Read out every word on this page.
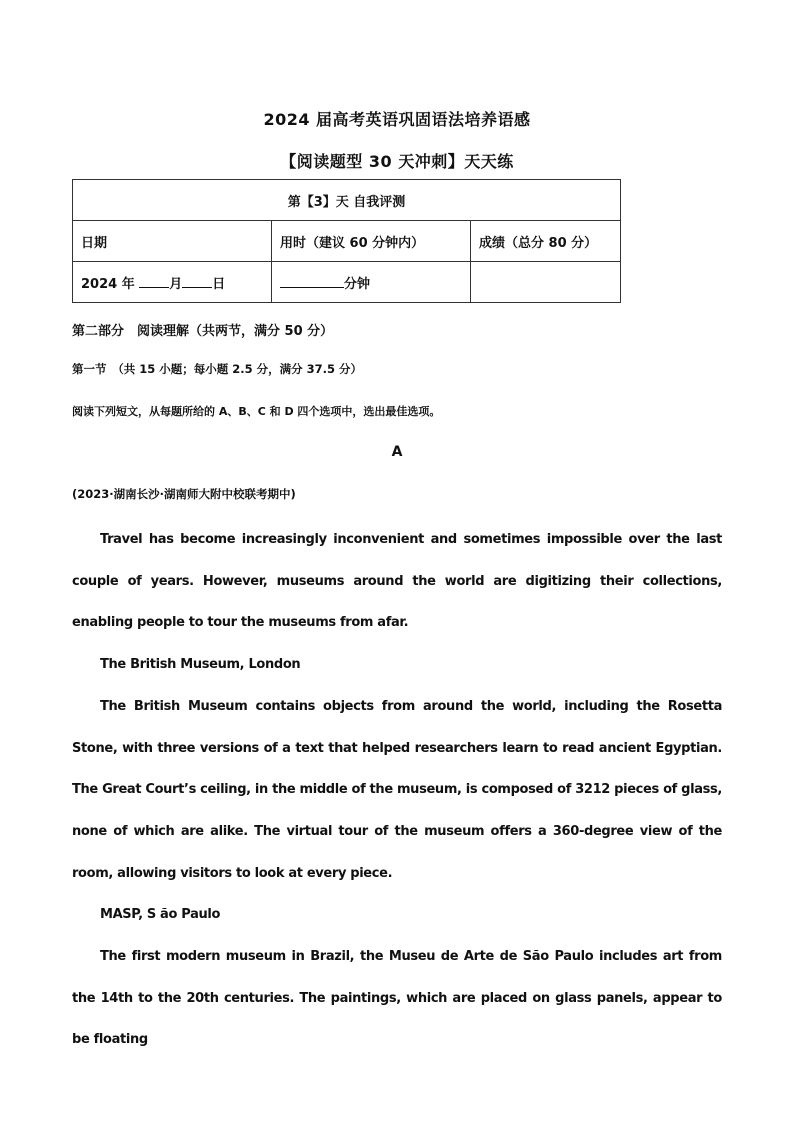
2024 届高考英语巩固语法培养语感
【阅读题型 30 天冲刺】天天练
第【3】天 自我评测		
日期	用时（建议 60 分钟内）	成绩（总分 80 分）
2024 年 月 日	分钟	
第二部分　阅读理解（共两节，满分 50 分）
第一节　（共 15 小题；每小题 2.5 分，满分 37.5 分）
阅读下列短文，从每题所给的 A、B、C 和 D 四个选项中，选出最佳选项。
A
(2023·湖南长沙·湖南师大附中校联考期中)

Travel has become increasingly inconvenient and sometimes impossible over the last couple of years. However, museums around the world are digitizing their collections, enabling people to tour the museums from afar.

The British Museum, London

The British Museum contains objects from around the world, including the Rosetta Stone, with three versions of a text that helped researchers learn to read ancient Egyptian. The Great Court’s ceiling, in the middle of the museum, is composed of 3212 pieces of glass, none of which are alike. The virtual tour of the museum offers a 360-degree view of the room, allowing visitors to look at every piece.

MASP, S ão Paulo

The first modern museum in Brazil, the Museu de Arte de São Paulo includes art from the 14th to the 20th centuries. The paintings, which are placed on glass panels, appear to be floating
